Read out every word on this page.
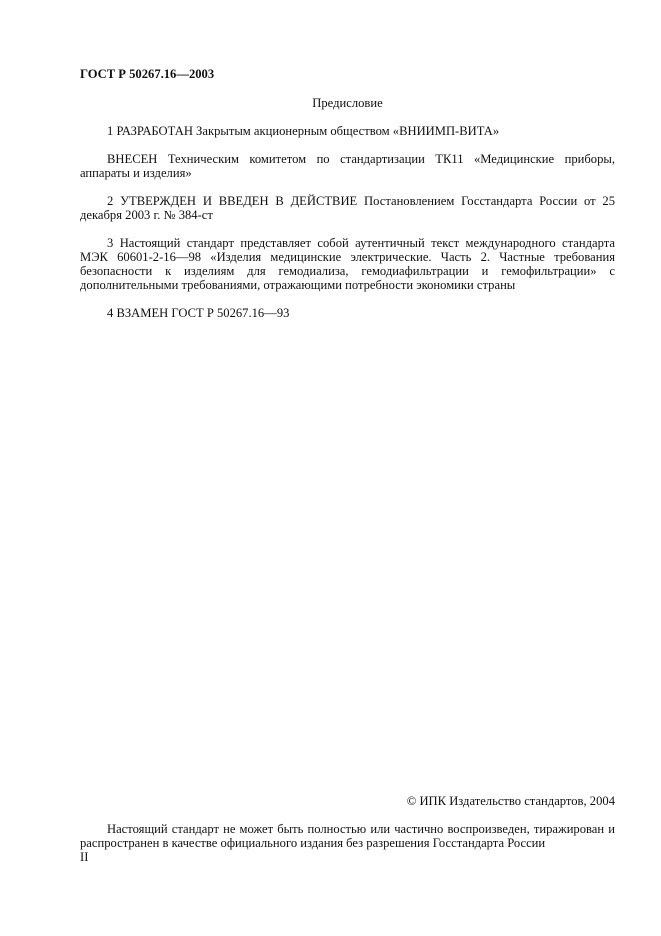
ГОСТ Р 50267.16—2003
Предисловие
1 РАЗРАБОТАН Закрытым акционерным обществом «ВНИИМП-ВИТА»
ВНЕСЕН Техническим комитетом по стандартизации ТК11 «Медицинские приборы, аппараты и изделия»
2 УТВЕРЖДЕН И ВВЕДЕН В ДЕЙСТВИЕ Постановлением Госстандарта России от 25 декабря 2003 г. № 384-ст
3 Настоящий стандарт представляет собой аутентичный текст международного стандарта МЭК 60601-2-16—98 «Изделия медицинские электрические. Часть 2. Частные требования безопасности к изделиям для гемодиализа, гемодиафильтрации и гемофильтрации» с дополнительными требованиями, отражающими потребности экономики страны
4 ВЗАМЕН ГОСТ Р 50267.16—93
© ИПК Издательство стандартов, 2004
Настоящий стандарт не может быть полностью или частично воспроизведен, тиражирован и распространен в качестве официального издания без разрешения Госстандарта России
II
